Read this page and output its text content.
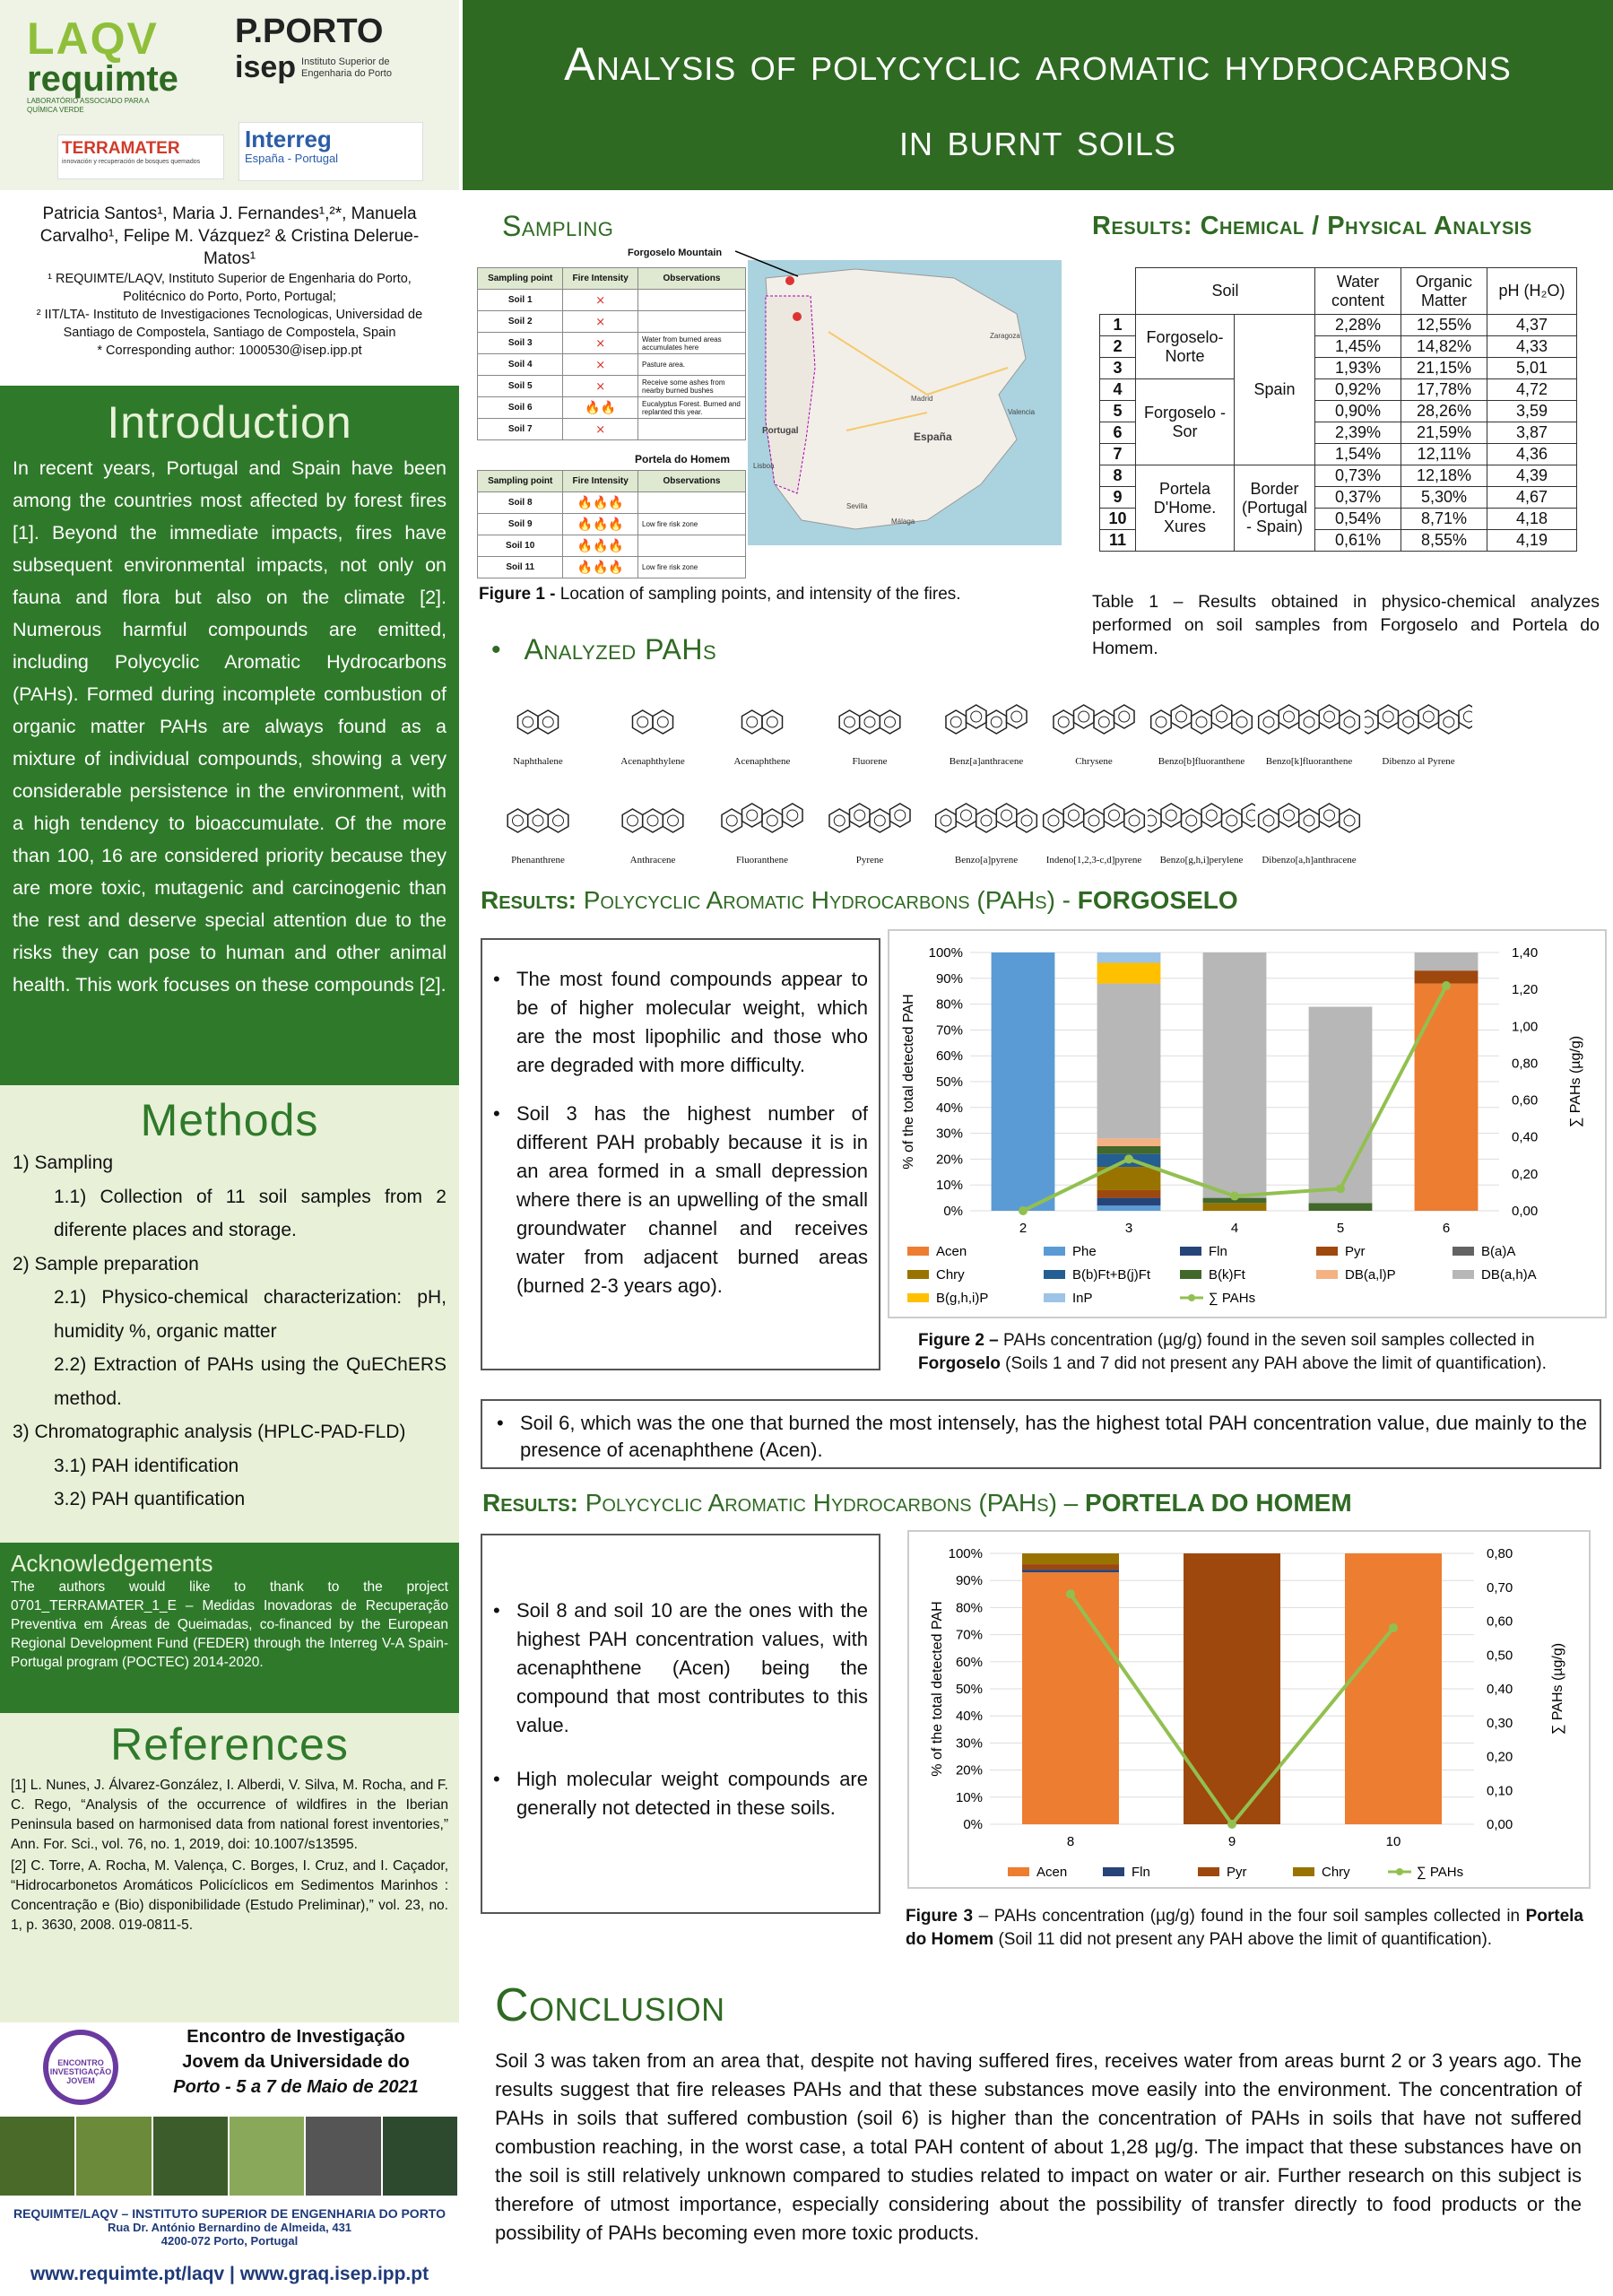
LAQV
requimte
LABORATÓRIO ASSOCIADO PARA A QUÍMICA VERDE
P.PORTO
isep Instituto Superior de Engenharia do Porto
TERRAMATER
innovación y recuperación de bosques quemados
Interreg
España - Portugal
Patricia Santos¹, Maria J. Fernandes¹,²*, Manuela Carvalho¹, Felipe M. Vázquez² & Cristina Delerue-Matos¹
¹ REQUIMTE/LAQV, Instituto Superior de Engenharia do Porto, Politécnico do Porto, Porto, Portugal;
² IIT/LTA- Instituto de Investigaciones Tecnologicas, Universidad de Santiago de Compostela, Santiago de Compostela, Spain
* Corresponding author: 1000530@isep.ipp.pt
Introduction

In recent years, Portugal and Spain have been among the countries most affected by forest fires [1]. Beyond the immediate impacts, fires have subsequent environmental impacts, not only on fauna and flora but also on the climate [2]. Numerous harmful compounds are emitted, including Polycyclic Aromatic Hydrocarbons (PAHs). Formed during incomplete combustion of organic matter PAHs are always found as a mixture of individual compounds, showing a very considerable persistence in the environment, with a high tendency to bioaccumulate. Of the more than 100, 16 are considered priority because they are more toxic, mutagenic and carcinogenic than the rest and deserve special attention due to the risks they can pose to human and other animal health. This work focuses on these compounds [2].

Methods
1) Sampling
1.1) Collection of 11 soil samples from 2 diferente places and storage.
2) Sample preparation
2.1) Physico-chemical characterization: pH, humidity %, organic matter
2.2) Extraction of PAHs using the QuEChERS method.
3) Chromatographic analysis (HPLC-PAD-FLD)
3.1) PAH identification
3.2) PAH quantification
Acknowledgements

The authors would like to thank to the project 0701_TERRAMATER_1_E – Medidas Inovadoras de Recuperação Preventiva em Áreas de Queimadas, co-financed by the European Regional Development Fund (FEDER) through the Interreg V-A Spain-Portugal program (POCTEC) 2014-2020.

References

[1] L. Nunes, J. Álvarez-González, I. Alberdi, V. Silva, M. Rocha, and F. C. Rego, “Analysis of the occurrence of wildfires in the Iberian Peninsula based on harmonised data from national forest inventories,” Ann. For. Sci., vol. 76, no. 1, 2019, doi: 10.1007/s13595.

[2] C. Torre, A. Rocha, M. Valença, C. Borges, I. Cruz, and I. Caçador, “Hidrocarbonetos Aromáticos Policíclicos em Sedimentos Marinhos : Concentração e (Bio) disponibilidade (Estudo Preliminar),” vol. 23, no. 1, p. 3630, 2008. 019-0811-5.

ENCONTRO INVESTIGAÇÃO JOVEM
Encontro de Investigação
Jovem da Universidade do
Porto - 5 a 7 de Maio de 2021
REQUIMTE/LAQV – INSTITUTO SUPERIOR DE ENGENHARIA DO PORTO
Rua Dr. António Bernardino de Almeida, 431
4200-072 Porto, Portugal
www.requimte.pt/laqv | www.graq.isep.ipp.pt
Analysis of polycyclic aromatic hydrocarbons
in burnt soils
Sampling
Forgoselo Mountain
Sampling point	Fire Intensity	Observations
Soil 1	⨯	
Soil 2	⨯	
Soil 3	⨯	Water from burned areas accumulates here
Soil 4	⨯	Pasture area.
Soil 5	⨯	Receive some ashes from nearby burned bushes
Soil 6	🔥🔥	Eucalyptus Forest. Burned and replanted this year.
Soil 7	⨯	
Portela do Homem
Sampling point	Fire Intensity	Observations
Soil 8	🔥🔥🔥	
Soil 9	🔥🔥🔥	Low fire risk zone
Soil 10	🔥🔥🔥	
Soil 11	🔥🔥🔥	Low fire risk zone
España
Portugal
Madrid
Lisboa
Sevilla
Zaragoza
Valencia
Málaga
Figure 1 - Location of sampling points, and intensity of the fires.
Results: Chemical / Physical Analysis
	Soil		Water content	Organic Matter	pH (H₂O)
1	Forgoselo-Norte	Spain	2,28%	12,55%	4,37
2			1,45%	14,82%	4,33
3			1,93%	21,15%	5,01
4	Forgoselo - Sor		0,92%	17,78%	4,72
5			0,90%	28,26%	3,59
6			2,39%	21,59%	3,87
7			1,54%	12,11%	4,36
8	Portela D'Home. Xures	Border (Portugal - Spain)	0,73%	12,18%	4,39
9			0,37%	5,30%	4,67
10			0,54%	8,71%	4,18
11			0,61%	8,55%	4,19
Table 1 – Results obtained in physico-chemical analyzes performed on soil samples from Forgoselo and Portela do Homem.
• Analyzed PAHs
Naphthalene	Acenaphthylene	Acenaphthene	Fluorene	Benz[a]anthracene	Chrysene	Benzo[b]fluoranthene	Benzo[k]fluoranthene	Dibenzo al Pyrene
Phenanthrene	Anthracene	Fluoranthene	Pyrene	Benzo[a]pyrene	Indeno[1,2,3-c,d]pyrene	Benzo[g,h,i]perylene	Dibenzo[a,h]anthracene
Results: Polycyclic Aromatic Hydrocarbons (PAHs) - FORGOSELO
• The most found compounds appear to be of higher molecular weight, which are the most lipophilic and those who are degraded with more difficulty.
• Soil 3 has the highest number of different PAH probably because it is in an area formed in a small depression where there is an upwelling of the small groundwater channel and receives water from adjacent burned areas (burned 2-3 years ago).
0%
10%
20%
30%
40%
50%
60%
70%
80%
90%
100%
0,00
0,20
0,40
0,60
0,80
1,00
1,20
1,40
2	3	4	5	6
% of the total detected PAH	∑ PAHs (µg/g)
Acen	Phe	Fln	Pyr	B(a)A
Chry	B(b)Ft+B(j)Ft	B(k)Ft	DB(a,l)P	DB(a,h)A
B(g,h,i)P	InP	∑ PAHs
Figure 2 – PAHs concentration (µg/g) found in the seven soil samples collected in Forgoselo (Soils 1 and 7 did not present any PAH above the limit of quantification).
• Soil 6, which was the one that burned the most intensely, has the highest total PAH concentration value, due mainly to the presence of acenaphthene (Acen).
Results: Polycyclic Aromatic Hydrocarbons (PAHs) – PORTELA DO HOMEM
• Soil 8 and soil 10 are the ones with the highest PAH concentration values, with acenaphthene (Acen) being the compound that most contributes to this value.
• High molecular weight compounds are generally not detected in these soils.
0%
10%
20%
30%
40%
50%
60%
70%
80%
90%
100%
0,00
0,10
0,20
0,30
0,40
0,50
0,60
0,70
0,80
8	9	10
% of the total detected PAH	∑ PAHs (µg/g)
Acen	Fln	Pyr	Chry	∑ PAHs
Figure 3 – PAHs concentration (µg/g) found in the four soil samples collected in Portela do Homem (Soil 11 did not present any PAH above the limit of quantification).
Conclusion
Soil 3 was taken from an area that, despite not having suffered fires, receives water from areas burnt 2 or 3 years ago. The results suggest that fire releases PAHs and that these substances move easily into the environment. The concentration of PAHs in soils that suffered combustion (soil 6) is higher than the concentration of PAHs in soils that have not suffered combustion reaching, in the worst case, a total PAH content of about 1,28 µg/g. The impact that these substances have on the soil is still relatively unknown compared to studies related to impact on water or air. Further research on this subject is therefore of utmost importance, especially considering about the possibility of transfer directly to food products or the possibility of PAHs becoming even more toxic products.
